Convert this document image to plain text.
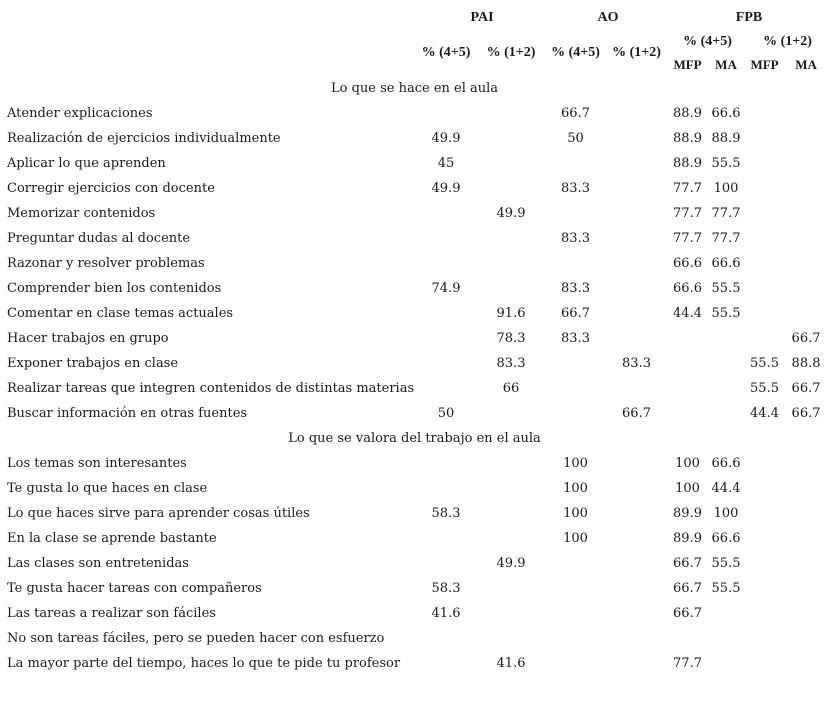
	PAI		AO		FPB			
	% (4+5)	% (1+2)	% (4+5)	% (1+2)	% (4+5)		% (1+2)	
					MFP	MA	MFP	MA
Lo que se hace en el aula								
Atender explicaciones			66.7		88.9	66.6		
Realización de ejercicios individualmente	49.9		50		88.9	88.9		
Aplicar lo que aprenden	45				88.9	55.5		
Corregir ejercicios con docente	49.9		83.3		77.7	100		
Memorizar contenidos		49.9			77.7	77.7		
Preguntar dudas al docente			83.3		77.7	77.7		
Razonar y resolver problemas					66.6	66.6		
Comprender bien los contenidos	74.9		83.3		66.6	55.5		
Comentar en clase temas actuales		91.6	66.7		44.4	55.5		
Hacer trabajos en grupo		78.3	83.3					66.7
Exponer trabajos en clase		83.3		83.3			55.5	88.8
Realizar tareas que integren contenidos de distintas materias		66					55.5	66.7
Buscar información en otras fuentes	50			66.7			44.4	66.7
Lo que se valora del trabajo en el aula								
Los temas son interesantes			100		100	66.6		
Te gusta lo que haces en clase			100		100	44.4		
Lo que haces sirve para aprender cosas útiles	58.3		100		89.9	100		
En la clase se aprende bastante			100		89.9	66.6		
Las clases son entretenidas		49.9			66.7	55.5		
Te gusta hacer tareas con compañeros	58.3				66.7	55.5		
Las tareas a realizar son fáciles	41.6				66.7			
No son tareas fáciles, pero se pueden hacer con esfuerzo								
La mayor parte del tiempo, haces lo que te pide tu profesor		41.6			77.7			
